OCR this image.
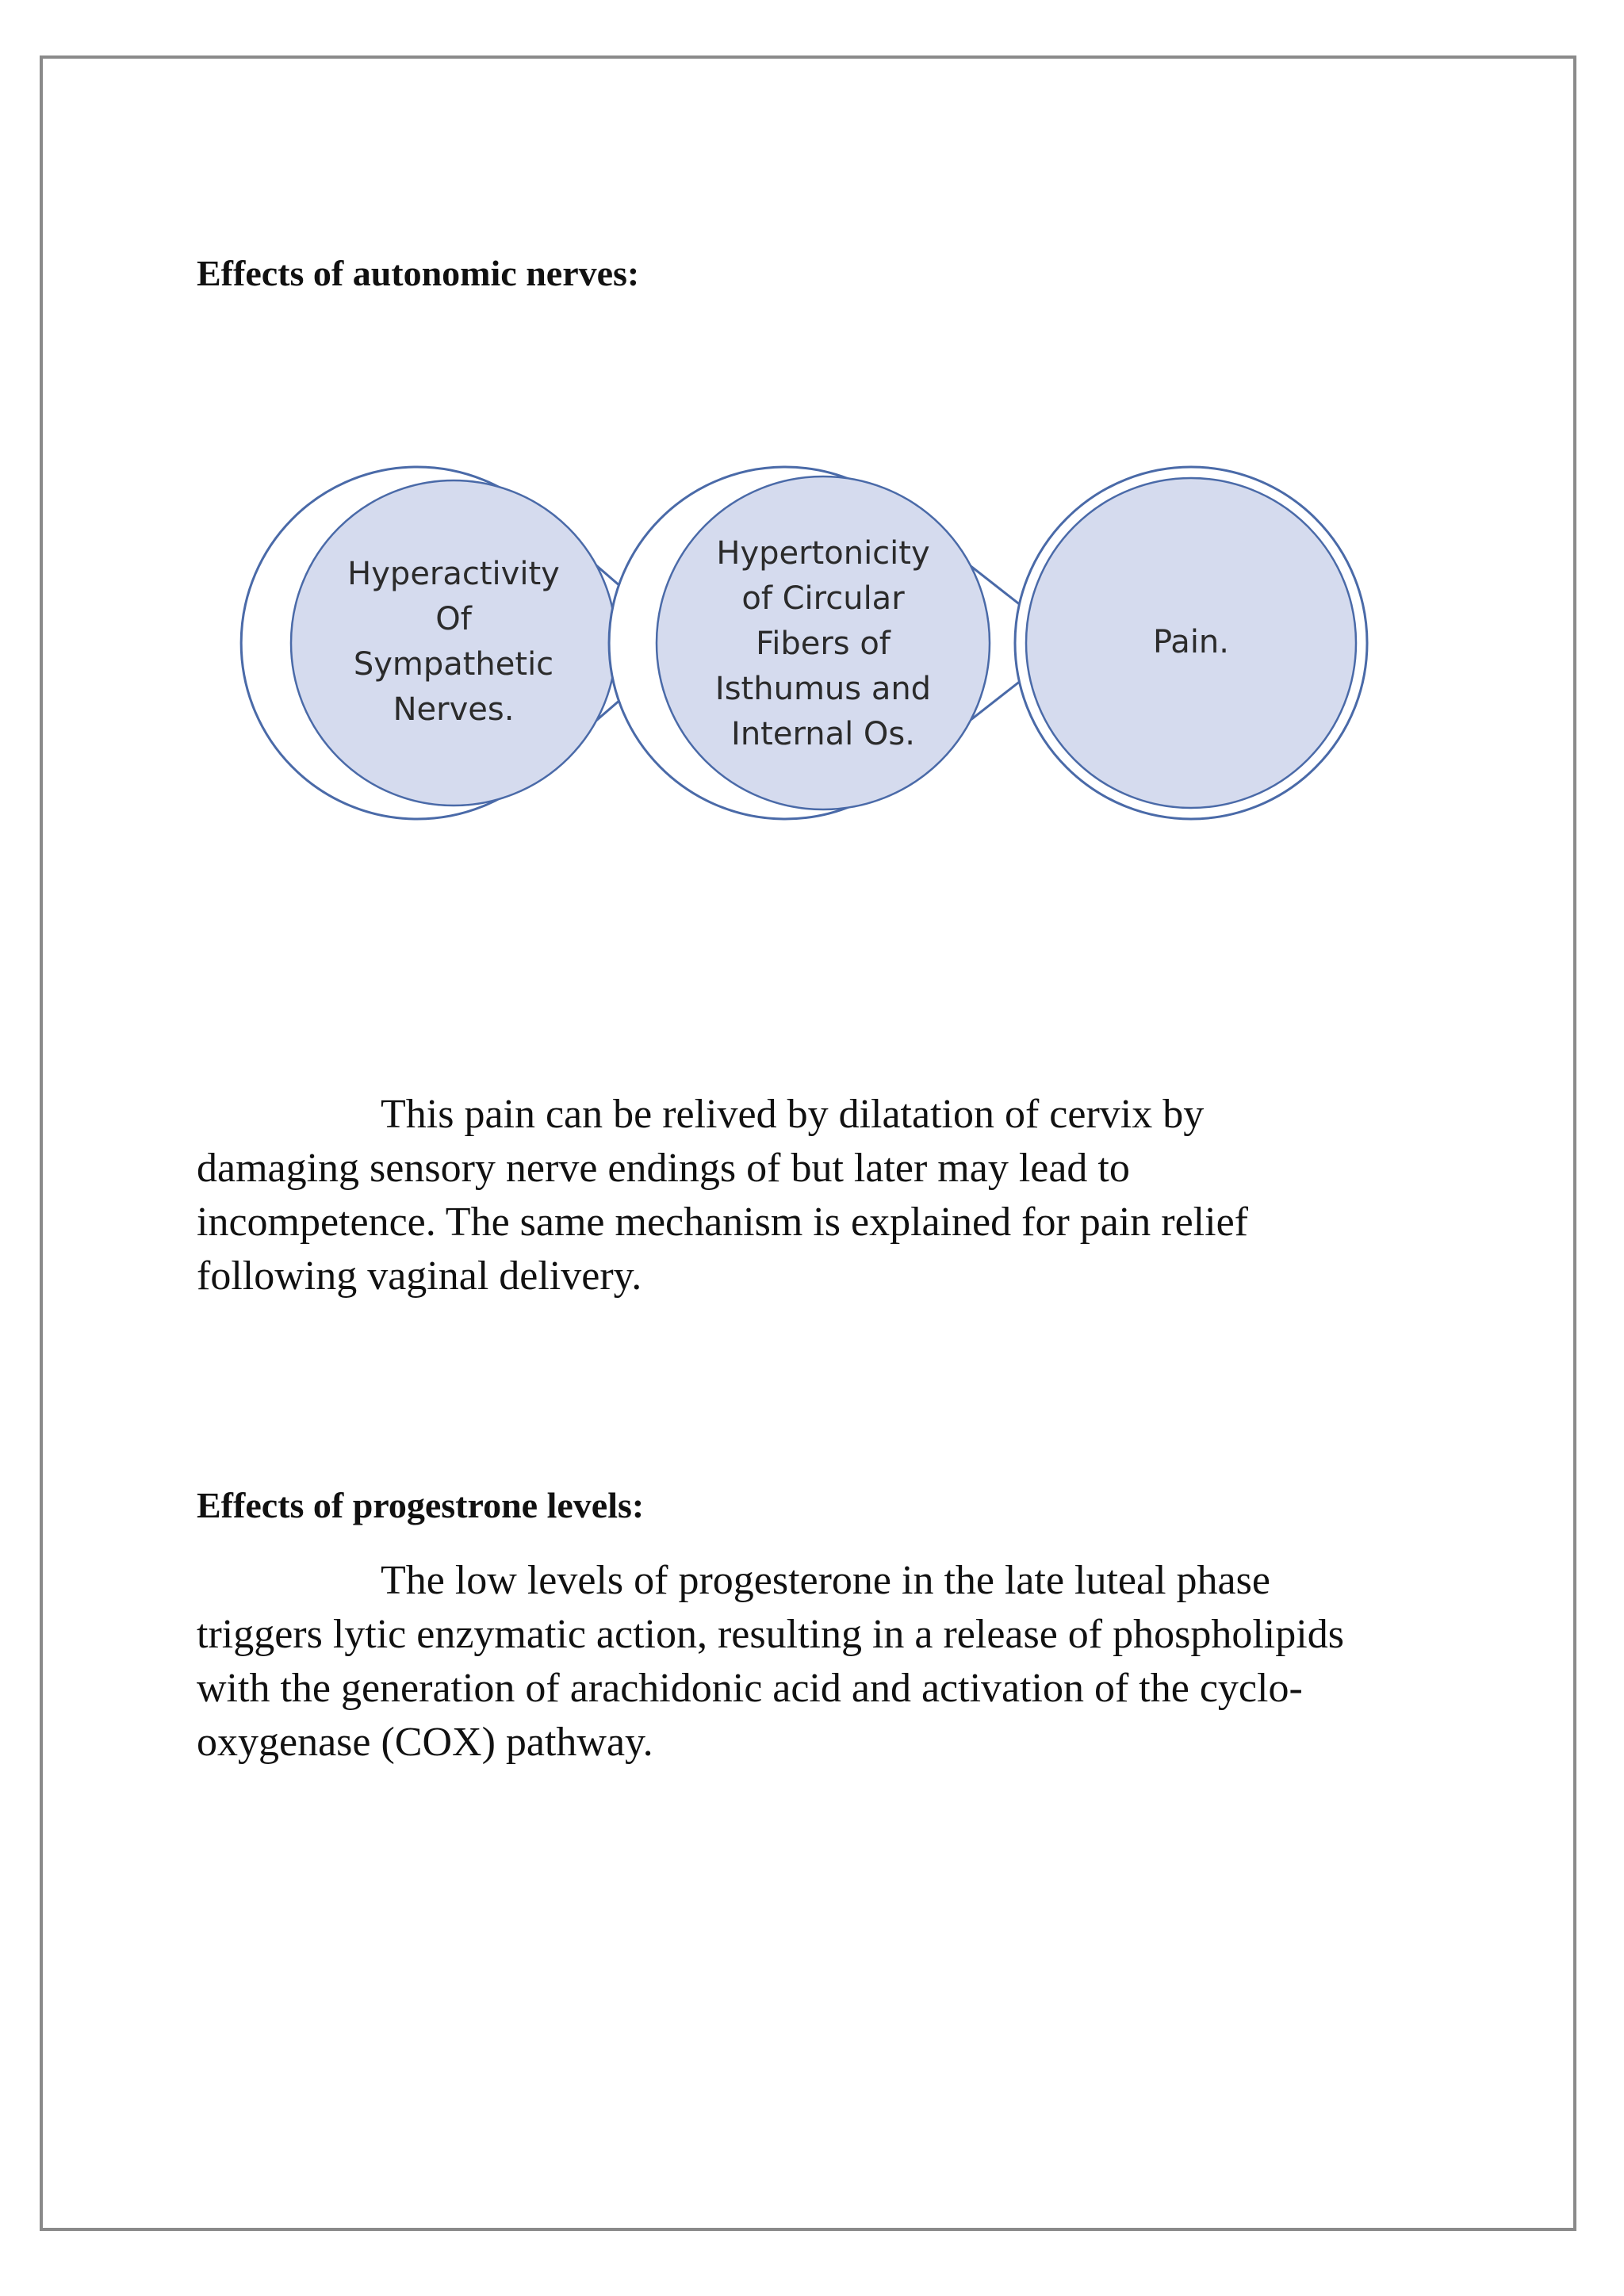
Effects of autonomic nerves:
Hyperactivity
Of
Sympathetic
Nerves.
Hypertonicity
of Circular
Fibers of
Isthumus and
Internal Os.
Pain.
This pain can be relived by dilatation of cervix by
damaging sensory nerve endings of but later may lead to
incompetence. The same mechanism is explained for pain relief
following vaginal delivery.
Effects of progestrone levels:
The low levels of progesterone in the late luteal phase
triggers lytic enzymatic action, resulting in a release of phospholipids
with the generation of arachidonic acid and activation of the cyclo-
oxygenase (COX) pathway.
